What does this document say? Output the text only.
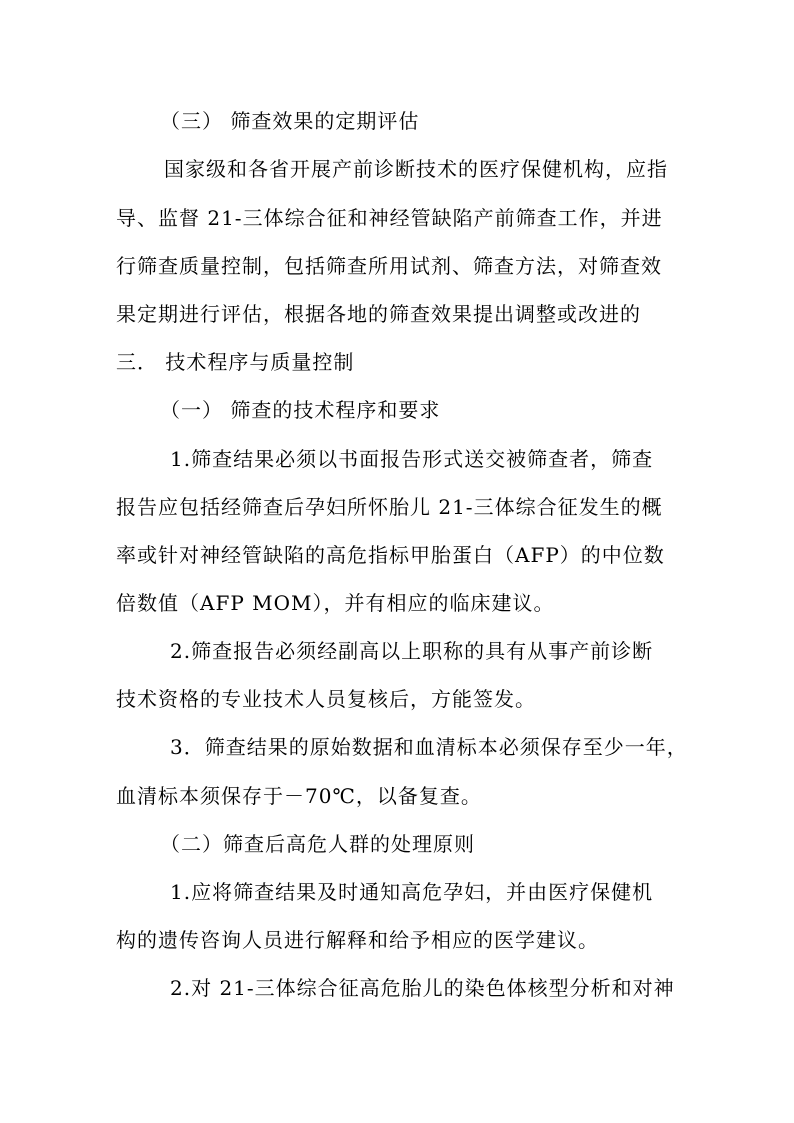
（三） 筛查效果的定期评估
国家级和各省开展产前诊断技术的医疗保健机构，应指
导、监督 21-三体综合征和神经管缺陷产前筛查工作，并进
行筛查质量控制，包括筛查所用试剂、筛查方法，对筛查效
果定期进行评估，根据各地的筛查效果提出调整或改进的
三． 技术程序与质量控制
（一） 筛查的技术程序和要求
1.筛查结果必须以书面报告形式送交被筛查者，筛查
报告应包括经筛查后孕妇所怀胎儿 21-三体综合征发生的概
率或针对神经管缺陷的高危指标甲胎蛋白（AFP）的中位数
倍数值（AFP MOM），并有相应的临床建议。
2.筛查报告必须经副高以上职称的具有从事产前诊断
技术资格的专业技术人员复核后，方能签发。
3．筛查结果的原始数据和血清标本必须保存至少一年，
血清标本须保存于－70℃，以备复查。
（二）筛查后高危人群的处理原则
1.应将筛查结果及时通知高危孕妇，并由医疗保健机
构的遗传咨询人员进行解释和给予相应的医学建议。
2.对 21-三体综合征高危胎儿的染色体核型分析和对神
